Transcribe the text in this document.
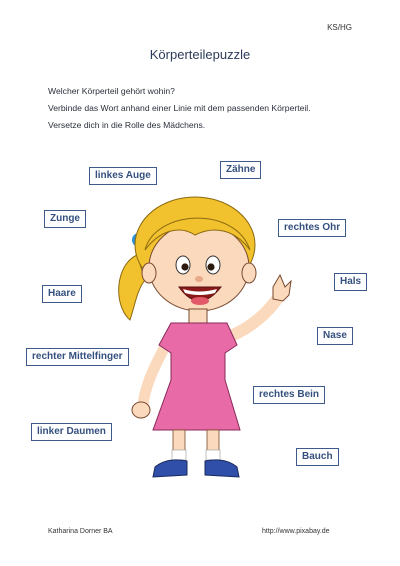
KS/HG
Körperteilepuzzle
Welcher Körperteil gehört wohin?
Verbinde das Wort anhand einer Linie mit dem passenden Körperteil.
Versetze dich in die Rolle des Mädchens.
linkes Auge
Zähne
Zunge
rechtes Ohr
Hals
Haare
Nase
rechter Mittelfinger
rechtes Bein
linker Daumen
Bauch
Katharina Dorner BA	http://www.pixabay.de
